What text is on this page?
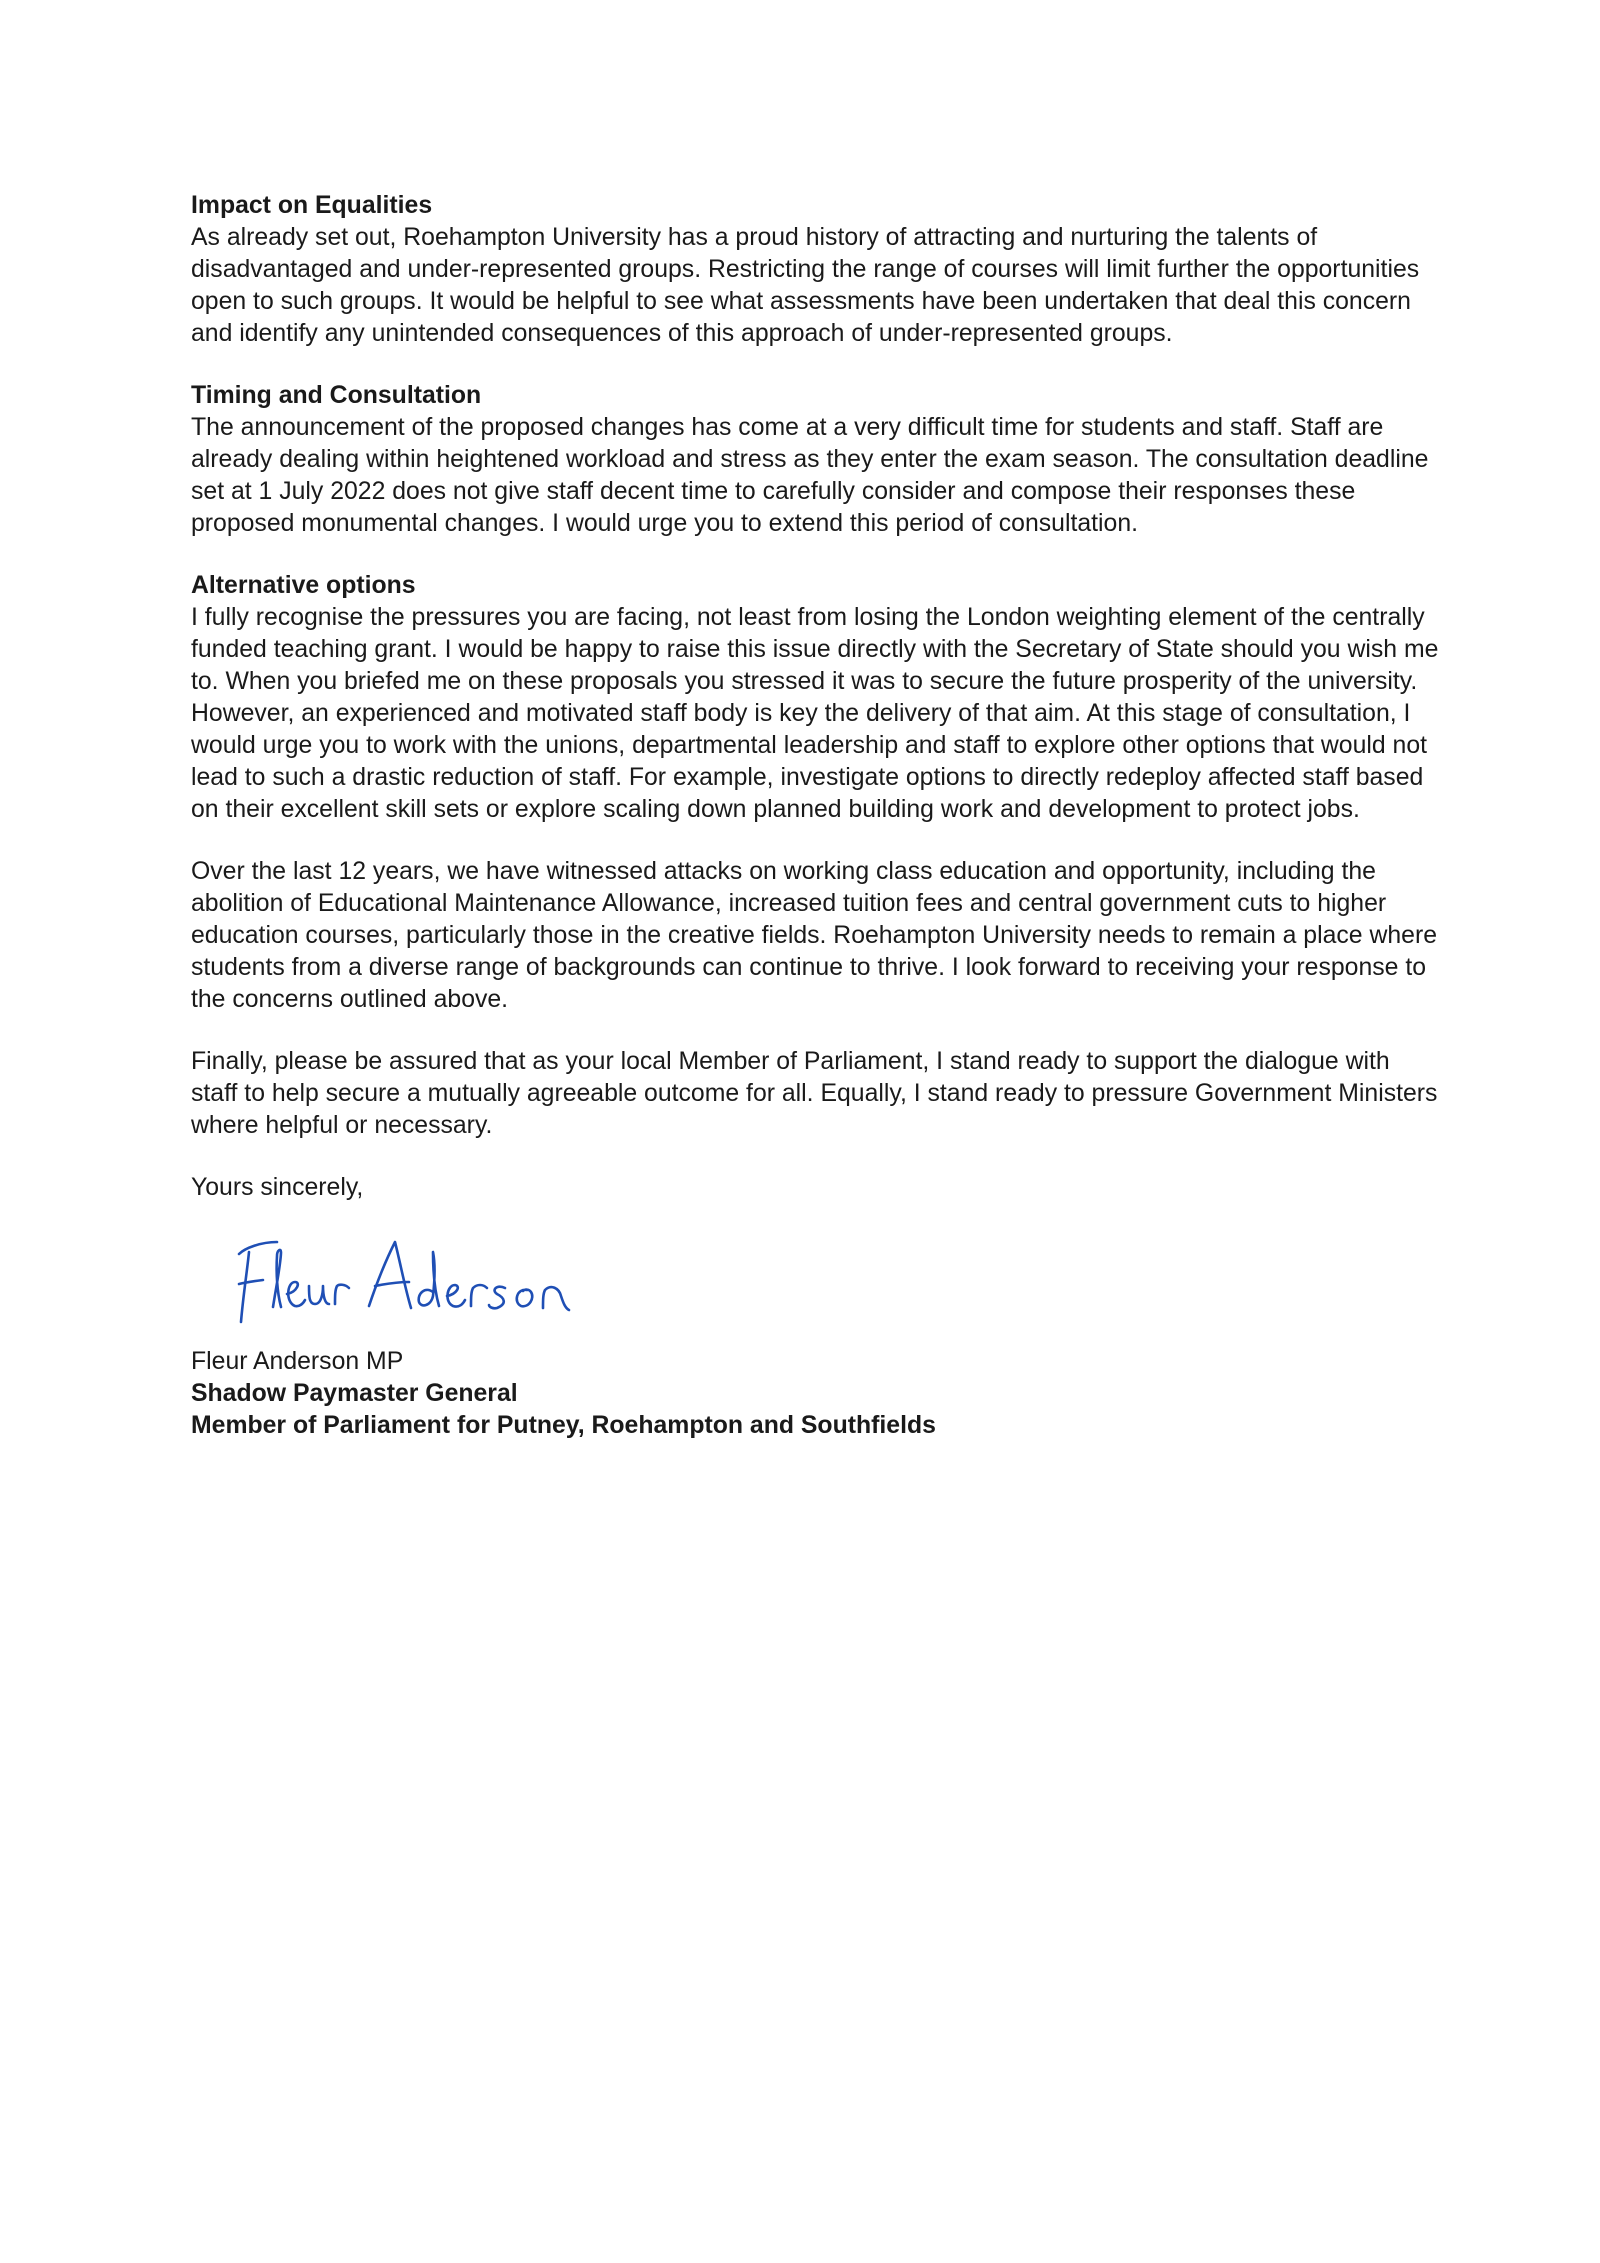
Impact on Equalities
As already set out, Roehampton University has a proud history of attracting and nurturing the talents of disadvantaged and under-represented groups. Restricting the range of courses will limit further the opportunities open to such groups. It would be helpful to see what assessments have been undertaken that deal this concern and identify any unintended consequences of this approach of under-represented groups.
Timing and Consultation
The announcement of the proposed changes has come at a very difficult time for students and staff. Staff are already dealing within heightened workload and stress as they enter the exam season. The consultation deadline set at 1 July 2022 does not give staff decent time to carefully consider and compose their responses these proposed monumental changes. I would urge you to extend this period of consultation.
Alternative options
I fully recognise the pressures you are facing, not least from losing the London weighting element of the centrally funded teaching grant. I would be happy to raise this issue directly with the Secretary of State should you wish me to. When you briefed me on these proposals you stressed it was to secure the future prosperity of the university. However, an experienced and motivated staff body is key the delivery of that aim. At this stage of consultation, I would urge you to work with the unions, departmental leadership and staff to explore other options that would not lead to such a drastic reduction of staff. For example, investigate options to directly redeploy affected staff based on their excellent skill sets or explore scaling down planned building work and development to protect jobs.
Over the last 12 years, we have witnessed attacks on working class education and opportunity, including the abolition of Educational Maintenance Allowance, increased tuition fees and central government cuts to higher education courses, particularly those in the creative fields. Roehampton University needs to remain a place where students from a diverse range of backgrounds can continue to thrive. I look forward to receiving your response to the concerns outlined above.
Finally, please be assured that as your local Member of Parliament, I stand ready to support the dialogue with staff to help secure a mutually agreeable outcome for all. Equally, I stand ready to pressure Government Ministers where helpful or necessary.
Yours sincerely,
Fleur Anderson MP
Shadow Paymaster General
Member of Parliament for Putney, Roehampton and Southfields
